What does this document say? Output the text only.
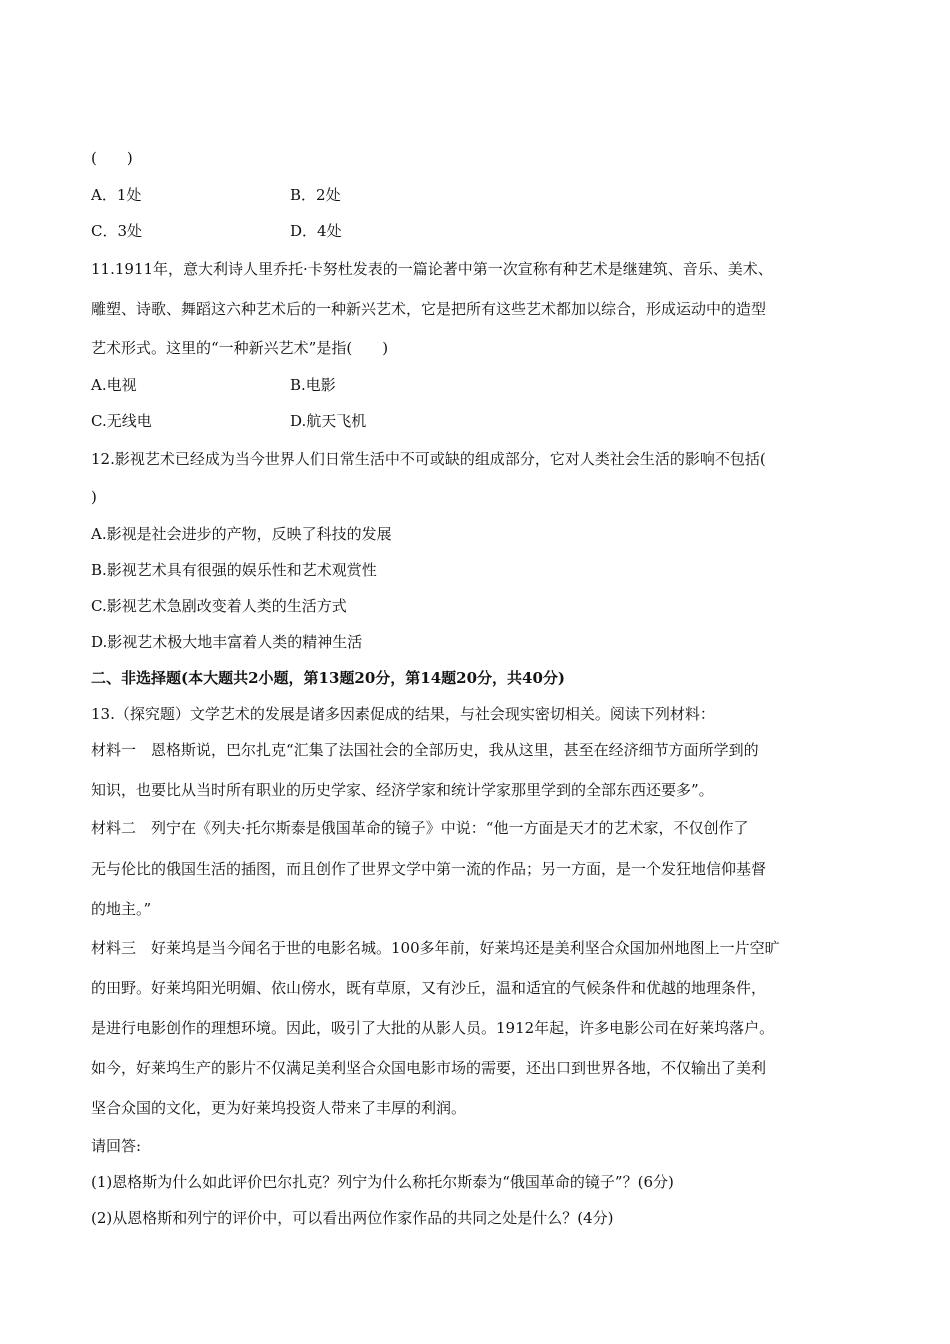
(　　)
A．1处	B．2处
C．3处	D．4处
11.1911年，意大利诗人里乔托·卡努杜发表的一篇论著中第一次宣称有种艺术是继建筑、音乐、美术、
雕塑、诗歌、舞蹈这六种艺术后的一种新兴艺术，它是把所有这些艺术都加以综合，形成运动中的造型
艺术形式。这里的“一种新兴艺术”是指(　　)
A.电视	B.电影
C.无线电	D.航天飞机
12.影视艺术已经成为当今世界人们日常生活中不可或缺的组成部分，它对人类社会生活的影响不包括(
)
A.影视是社会进步的产物，反映了科技的发展
B.影视艺术具有很强的娱乐性和艺术观赏性
C.影视艺术急剧改变着人类的生活方式
D.影视艺术极大地丰富着人类的精神生活
二、非选择题(本大题共2小题，第13题20分，第14题20分，共40分)
13.（探究题）文学艺术的发展是诸多因素促成的结果，与社会现实密切相关。阅读下列材料：
材料一　恩格斯说，巴尔扎克“汇集了法国社会的全部历史，我从这里，甚至在经济细节方面所学到的
知识，也要比从当时所有职业的历史学家、经济学家和统计学家那里学到的全部东西还要多”。
材料二　列宁在《列夫·托尔斯泰是俄国革命的镜子》中说：“他一方面是天才的艺术家，不仅创作了
无与伦比的俄国生活的插图，而且创作了世界文学中第一流的作品；另一方面，是一个发狂地信仰基督
的地主。”
材料三　好莱坞是当今闻名于世的电影名城。100多年前，好莱坞还是美利坚合众国加州地图上一片空旷
的田野。好莱坞阳光明媚、依山傍水，既有草原，又有沙丘，温和适宜的气候条件和优越的地理条件，
是进行电影创作的理想环境。因此，吸引了大批的从影人员。1912年起，许多电影公司在好莱坞落户。
如今，好莱坞生产的影片不仅满足美利坚合众国电影市场的需要，还出口到世界各地，不仅输出了美利
坚合众国的文化，更为好莱坞投资人带来了丰厚的利润。
请回答:
(1)恩格斯为什么如此评价巴尔扎克？列宁为什么称托尔斯泰为“俄国革命的镜子”？(6分)
(2)从恩格斯和列宁的评价中，可以看出两位作家作品的共同之处是什么？(4分)
